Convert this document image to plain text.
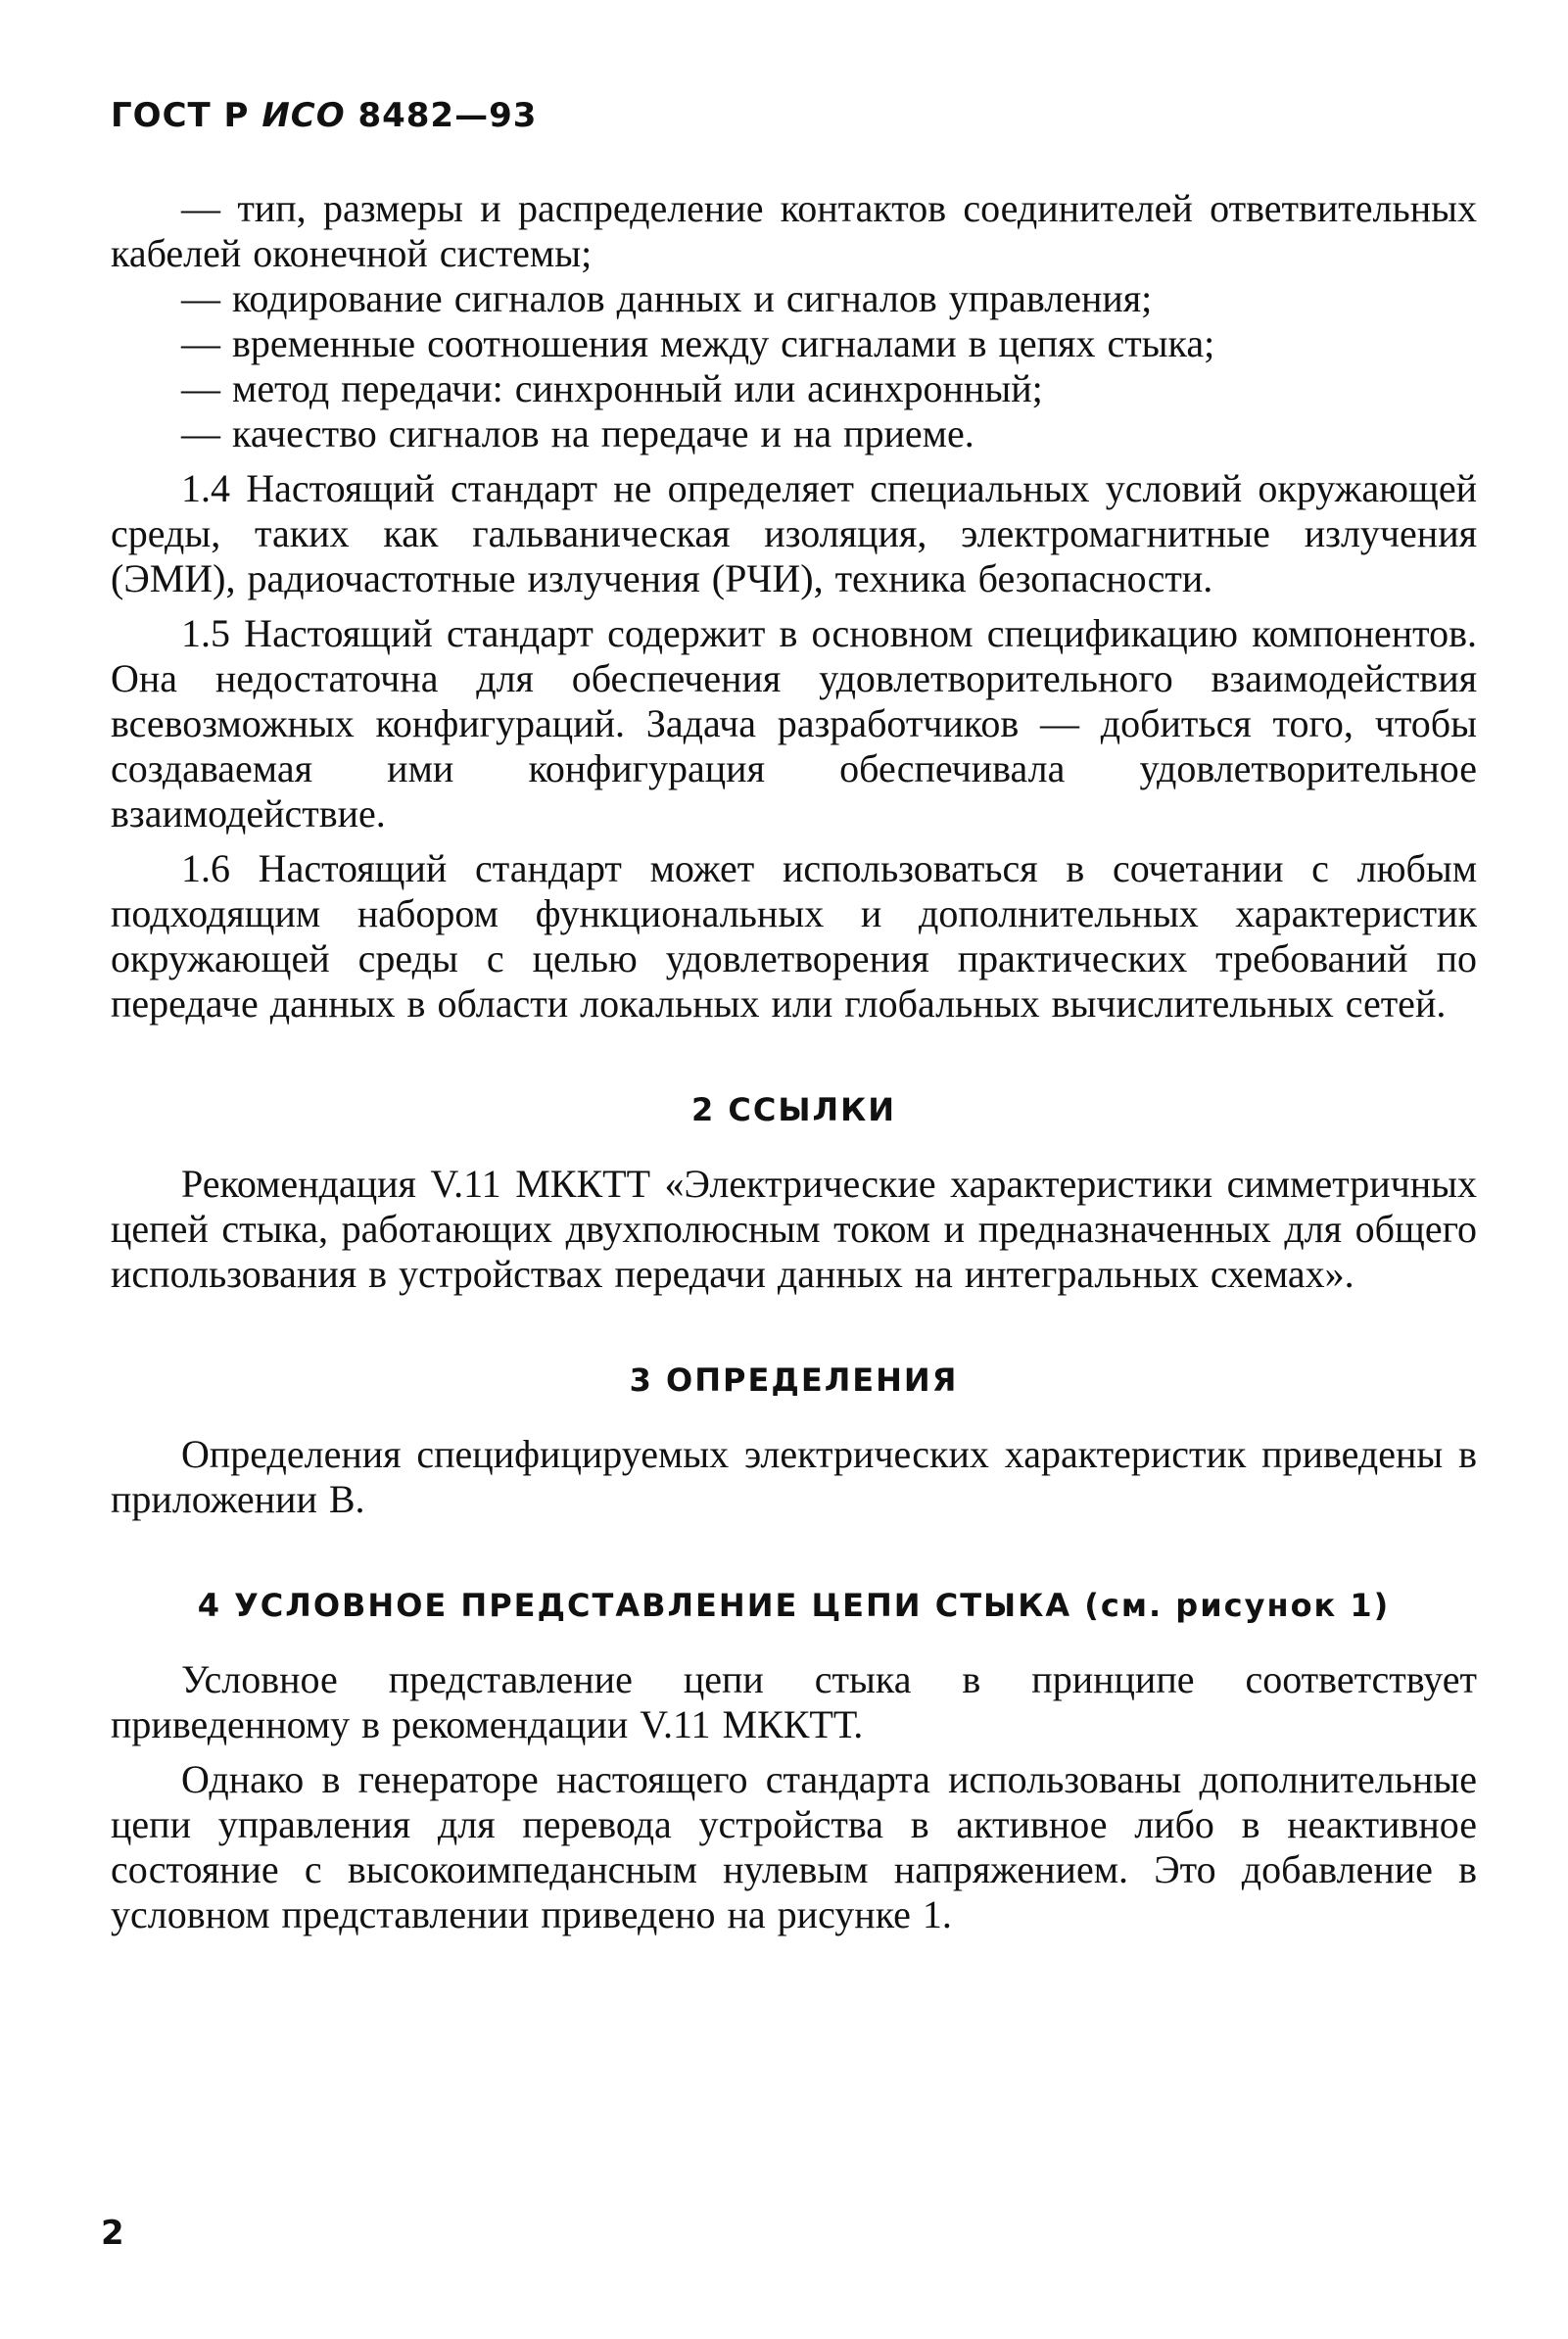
ГОСТ Р ИСО 8482—93

— тип, размеры и распределение контактов соединителей ответвительных кабелей оконечной системы;

— кодирование сигналов данных и сигналов управления;

— временные соотношения между сигналами в цепях стыка;

— метод передачи: синхронный или асинхронный;

— качество сигналов на передаче и на приеме.

1.4 Настоящий стандарт не определяет специальных условий окружающей среды, таких как гальваническая изоляция, электромагнитные излучения (ЭМИ), радиочастотные излучения (РЧИ), техника безопасности.

1.5 Настоящий стандарт содержит в основном спецификацию компонентов. Она недостаточна для обеспечения удовлетворительного взаимодействия всевозможных конфигураций. Задача разработчиков — добиться того, чтобы создаваемая ими конфигурация обеспечивала удовлетворительное взаимодействие.

1.6 Настоящий стандарт может использоваться в сочетании с любым подходящим набором функциональных и дополнительных характеристик окружающей среды с целью удовлетворения практических требований по передаче данных в области локальных или глобальных вычислительных сетей.

2 ССЫЛКИ

Рекомендация V.11 МККТТ «Электрические характеристики симметричных цепей стыка, работающих двухполюсным током и предназначенных для общего использования в устройствах передачи данных на интегральных схемах».

3 ОПРЕДЕЛЕНИЯ

Определения специфицируемых электрических характеристик приведены в приложении В.

4 УСЛОВНОЕ ПРЕДСТАВЛЕНИЕ ЦЕПИ СТЫКА (см. рисунок 1)

Условное представление цепи стыка в принципе соответствует приведенному в рекомендации V.11 МККТТ.

Однако в генераторе настоящего стандарта использованы дополнительные цепи управления для перевода устройства в активное либо в неактивное состояние с высокоимпедансным нулевым напряжением. Это добавление в условном представлении приведено на рисунке 1.

2
